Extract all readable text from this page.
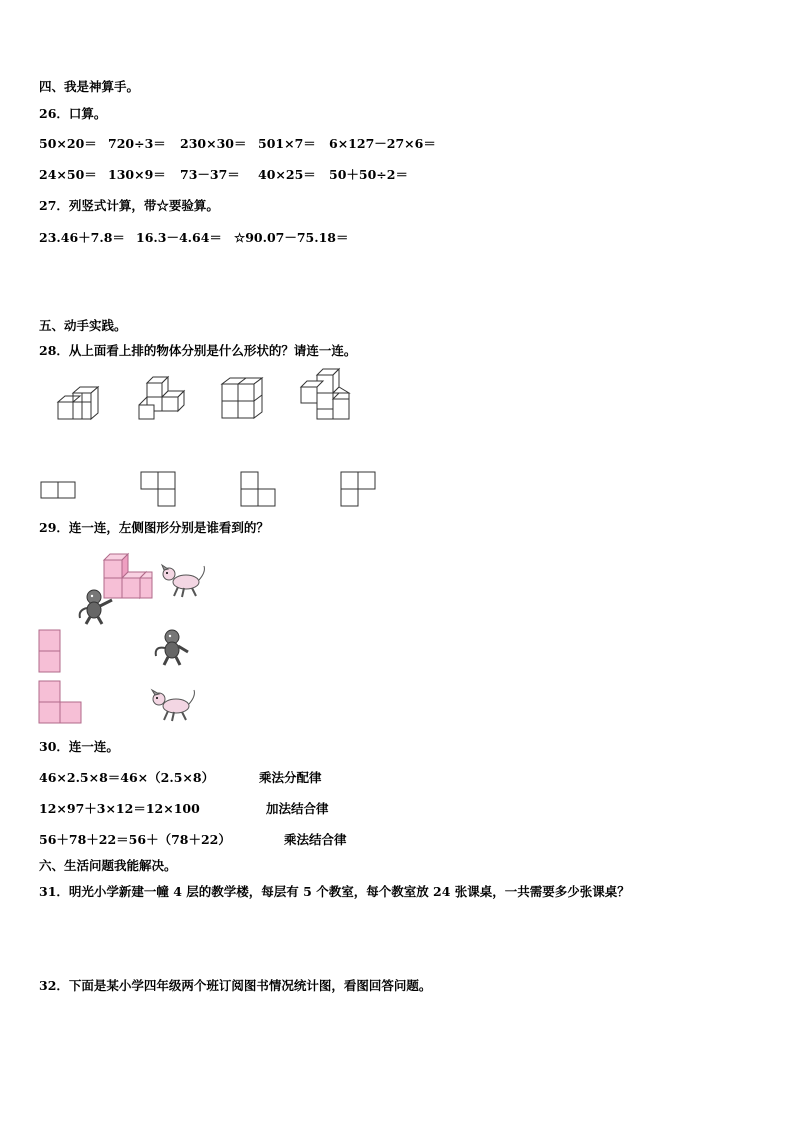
四、我是神算手。
26．口算。
50×20＝ 720÷3＝ 230×30＝ 501×7＝ 6×127－27×6＝
24×50＝ 130×9＝ 73－37＝ 40×25＝ 50＋50÷2＝
27．列竖式计算，带☆要验算。
23.46＋7.8＝ 16.3－4.64＝ ☆90.07－75.18＝
五、动手实践。
28．从上面看上排的物体分别是什么形状的？请连一连。
29．连一连，左侧图形分别是谁看到的？
30．连一连。
46×2.5×8＝46×（2.5×8）	乘法分配律
12×97＋3×12＝12×100	加法结合律
56＋78＋22＝56＋（78＋22）	乘法结合律
六、生活问题我能解决。
31．明光小学新建一幢 4 层的教学楼，每层有 5 个教室，每个教室放 24 张课桌，一共需要多少张课桌？
32．下面是某小学四年级两个班订阅图书情况统计图，看图回答问题。
